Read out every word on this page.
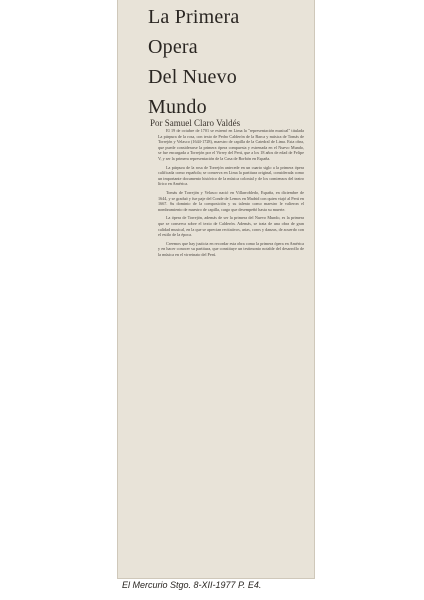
La Primera
Opera
Del Nuevo
Mundo
Por Samuel Claro Valdés

El 19 de octubre de 1701 se estrenó en Lima la "representación musical" titulada La púrpura de la rosa, con texto de Pedro Calderón de la Barca y música de Tomás de Torrejón y Velasco (1644-1728), maestro de capilla de la Catedral de Lima. Esta obra, que puede considerarse la primera ópera compuesta y estrenada en el Nuevo Mundo, se fue encargada a Torrejón por el Virrey del Perú, que a los 18 años de edad de Felipe V, y ser la primera representación de la Casa de Borbón en España.

La púrpura de la rosa de Torrejón antecede en un cuarto siglo a la primera ópera calificada como española; se conserva en Lima la partitura original, considerada como un importante documento histórico de la música colonial y de los comienzos del teatro lírico en América.

Tomás de Torrejón y Velasco nació en Villarrobledo, España, en diciembre de 1644, y se graduó y fue paje del Conde de Lemos en Madrid con quien viajó al Perú en 1667. Su dominio de la composición y su talento como maestro le valieron el nombramiento de maestro de capilla, cargo que desempeñó hasta su muerte.

La ópera de Torrejón, además de ser la primera del Nuevo Mundo, es la primera que se conserva sobre el texto de Calderón. Además, se trata de una obra de gran calidad musical, en la que se aprecian recitativos, arias, coros y danzas, de acuerdo con el estilo de la época.

Creemos que hay justicia en recordar esta obra como la primera ópera en América y en hacer conocer su partitura, que constituye un testimonio notable del desarrollo de la música en el virreinato del Perú.

El Mercurio Stgo. 8-XII-1977 P. E4.
